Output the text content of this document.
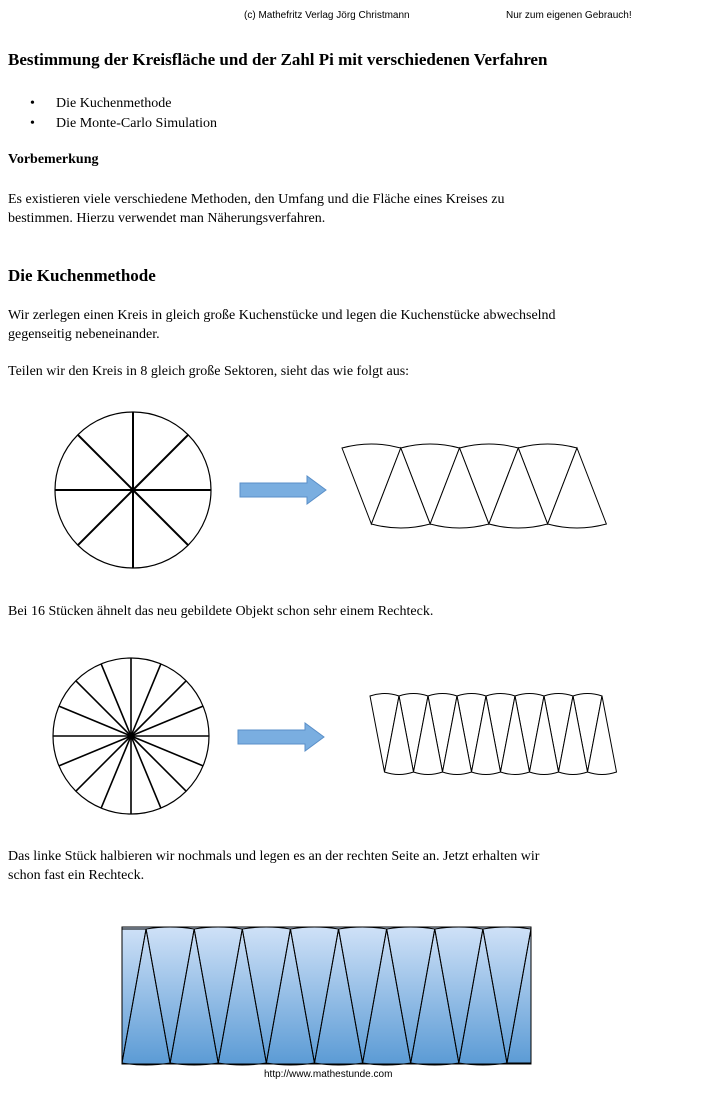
(c) Mathefritz Verlag Jörg Christmann	Nur zum eigenen Gebrauch!
Bestimmung der Kreisfläche und der Zahl Pi mit verschiedenen Verfahren
•	Die Kuchenmethode
•	Die Monte-Carlo Simulation
Vorbemerkung
Es existieren viele verschiedene Methoden, den Umfang und die Fläche eines Kreises zu
bestimmen. Hierzu verwendet man Näherungsverfahren.
Die Kuchenmethode
Wir zerlegen einen Kreis in gleich große Kuchenstücke und legen die Kuchenstücke abwechselnd
gegenseitig nebeneinander.
Teilen wir den Kreis in 8 gleich große Sektoren, sieht das wie folgt aus:
Bei 16 Stücken ähnelt das neu gebildete Objekt schon sehr einem Rechteck.
Das linke Stück halbieren wir nochmals und legen es an der rechten Seite an. Jetzt erhalten wir
schon fast ein Rechteck.
http://www.mathestunde.com
